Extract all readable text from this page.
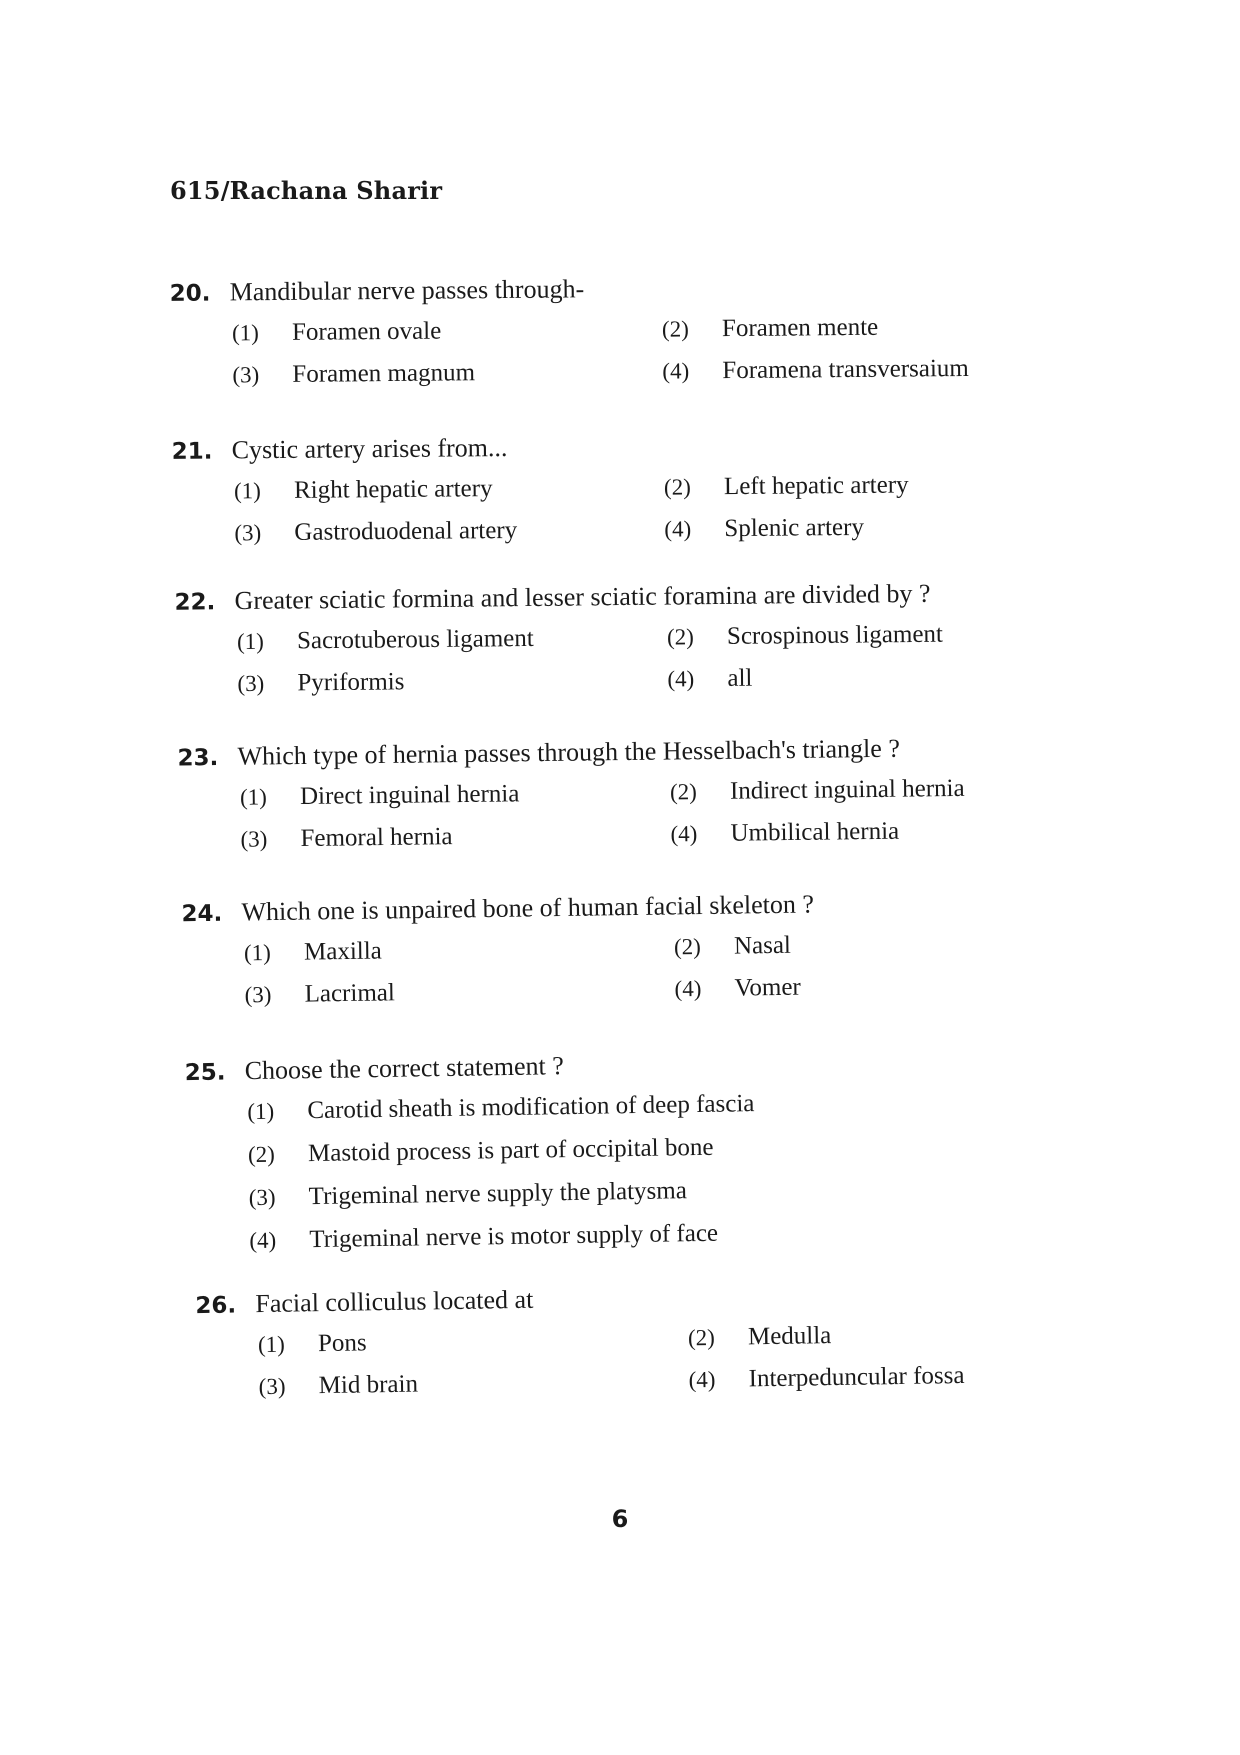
615/Rachana Sharir
20. Mandibular nerve passes through-
(1)	Foramen ovale	(2)	Foramen mente
(3)	Foramen magnum	(4)	Foramena transversaium
21. Cystic artery arises from...
(1)	Right hepatic artery	(2)	Left hepatic artery
(3)	Gastroduodenal artery	(4)	Splenic artery
22. Greater sciatic formina and lesser sciatic foramina are divided by ?
(1)	Sacrotuberous ligament	(2)	Scrospinous ligament
(3)	Pyriformis	(4)	all
23. Which type of hernia passes through the Hesselbach's triangle ?
(1)	Direct inguinal hernia	(2)	Indirect inguinal hernia
(3)	Femoral hernia	(4)	Umbilical hernia
24. Which one is unpaired bone of human facial skeleton ?
(1)	Maxilla	(2)	Nasal
(3)	Lacrimal	(4)	Vomer
25. Choose the correct statement ?
(1)	Carotid sheath is modification of deep fascia
(2)	Mastoid process is part of occipital bone
(3)	Trigeminal nerve supply the platysma
(4)	Trigeminal nerve is motor supply of face
26. Facial colliculus located at
(1)	Pons	(2)	Medulla
(3)	Mid brain	(4)	Interpeduncular fossa
6
